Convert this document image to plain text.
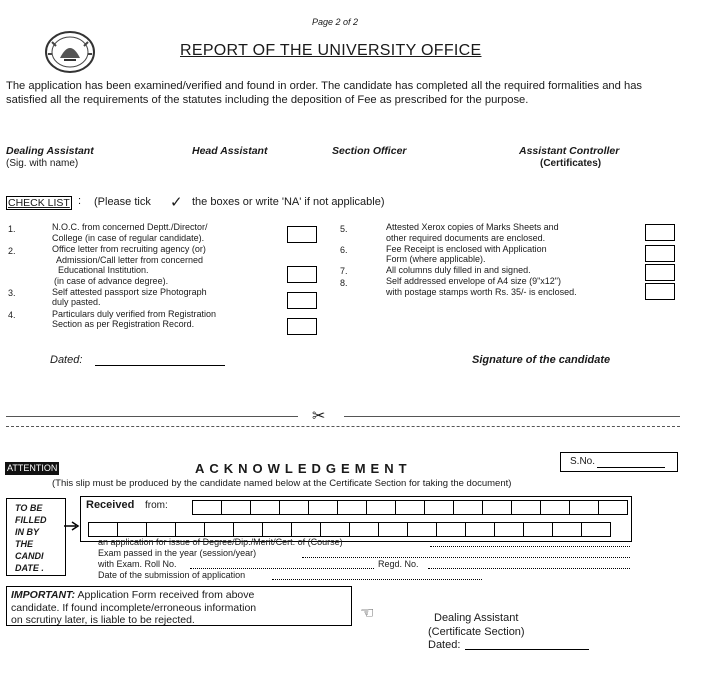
Page 2 of 2
REPORT OF THE UNIVERSITY OFFICE
The application has been examined/verified and found in order. The candidate has completed all the required formalities and has satisfied all the requirements of the statutes including the deposition of Fee as prescribed for the purpose.
Dealing Assistant
(Sig. with name)
Head Assistant	Section Officer	Assistant Controller
(Certificates)
CHECK LIST : (Please tick ✓ the boxes or write 'NA' if not applicable)
1.	N.O.C. from concerned Deptt./Director/
College (in case of regular candidate).
2.	Office letter from recruiting agency (or)
Admission/Call letter from concerned
Educational Institution.
(in case of advance degree).
3.	Self attested passport size Photograph
duly pasted.
4.	Particulars duly verified from Registration
Section as per Registration Record.
5.	Attested Xerox copies of Marks Sheets and
other required documents are enclosed.
6.	Fee Receipt is enclosed with Application
Form (where applicable).
7.	All columns duly filled in and signed.
8.	Self addressed envelope of A4 size (9"x12")
with postage stamps worth Rs. 35/- is enclosed.
Dated:	Signature of the candidate
✂
ATTENTION	ACKNOWLEDGEMENT	S.No.
(This slip must be produced by the candidate named below at the Certificate Section for taking the document)
TO BE
FILLED
IN BY
THE
CANDI
DATE .
Received from:
an application for issue of Degree/Dip./Merit/Cert. of (Course)
Exam passed in the year (session/year)
with Exam. Roll No.	Regd. No.
Date of the submission of application
IMPORTANT: Application Form received from above
candidate. If found incomplete/erroneous information
on scrutiny later, is liable to be rejected.	☜	Dealing Assistant
(Certificate Section)
Dated:
